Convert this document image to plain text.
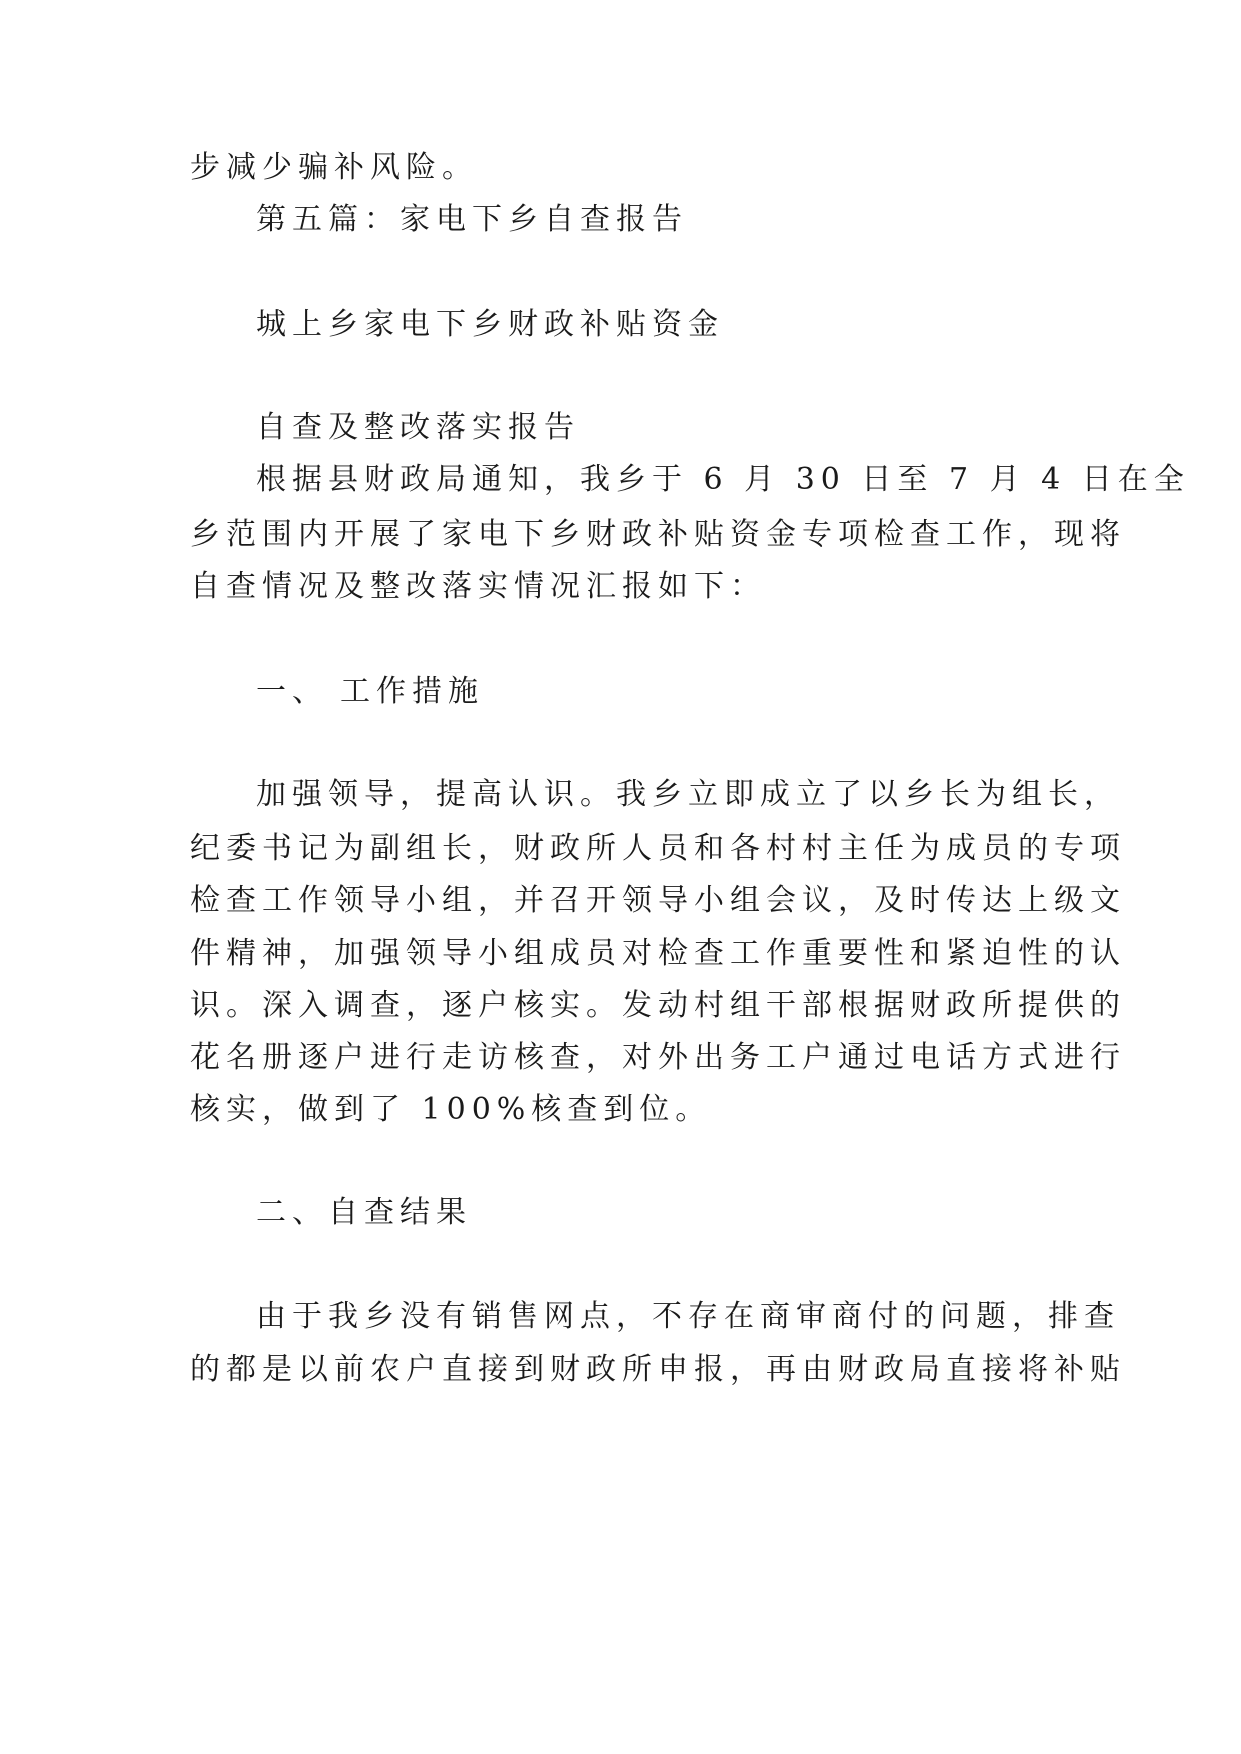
步减少骗补风险。
第五篇：家电下乡自查报告
城上乡家电下乡财政补贴资金
自查及整改落实报告
根据县财政局通知，我乡于 6 月 30 日至 7 月 4 日在全
乡范围内开展了家电下乡财政补贴资金专项检查工作，现将
自查情况及整改落实情况汇报如下：
一、 工作措施
加强领导，提高认识。我乡立即成立了以乡长为组长，
纪委书记为副组长，财政所人员和各村村主任为成员的专项
检查工作领导小组，并召开领导小组会议，及时传达上级文
件精神，加强领导小组成员对检查工作重要性和紧迫性的认
识。深入调查，逐户核实。发动村组干部根据财政所提供的
花名册逐户进行走访核查，对外出务工户通过电话方式进行
核实，做到了 100%核查到位。
二、自查结果
由于我乡没有销售网点，不存在商审商付的问题，排查
的都是以前农户直接到财政所申报，再由财政局直接将补贴
